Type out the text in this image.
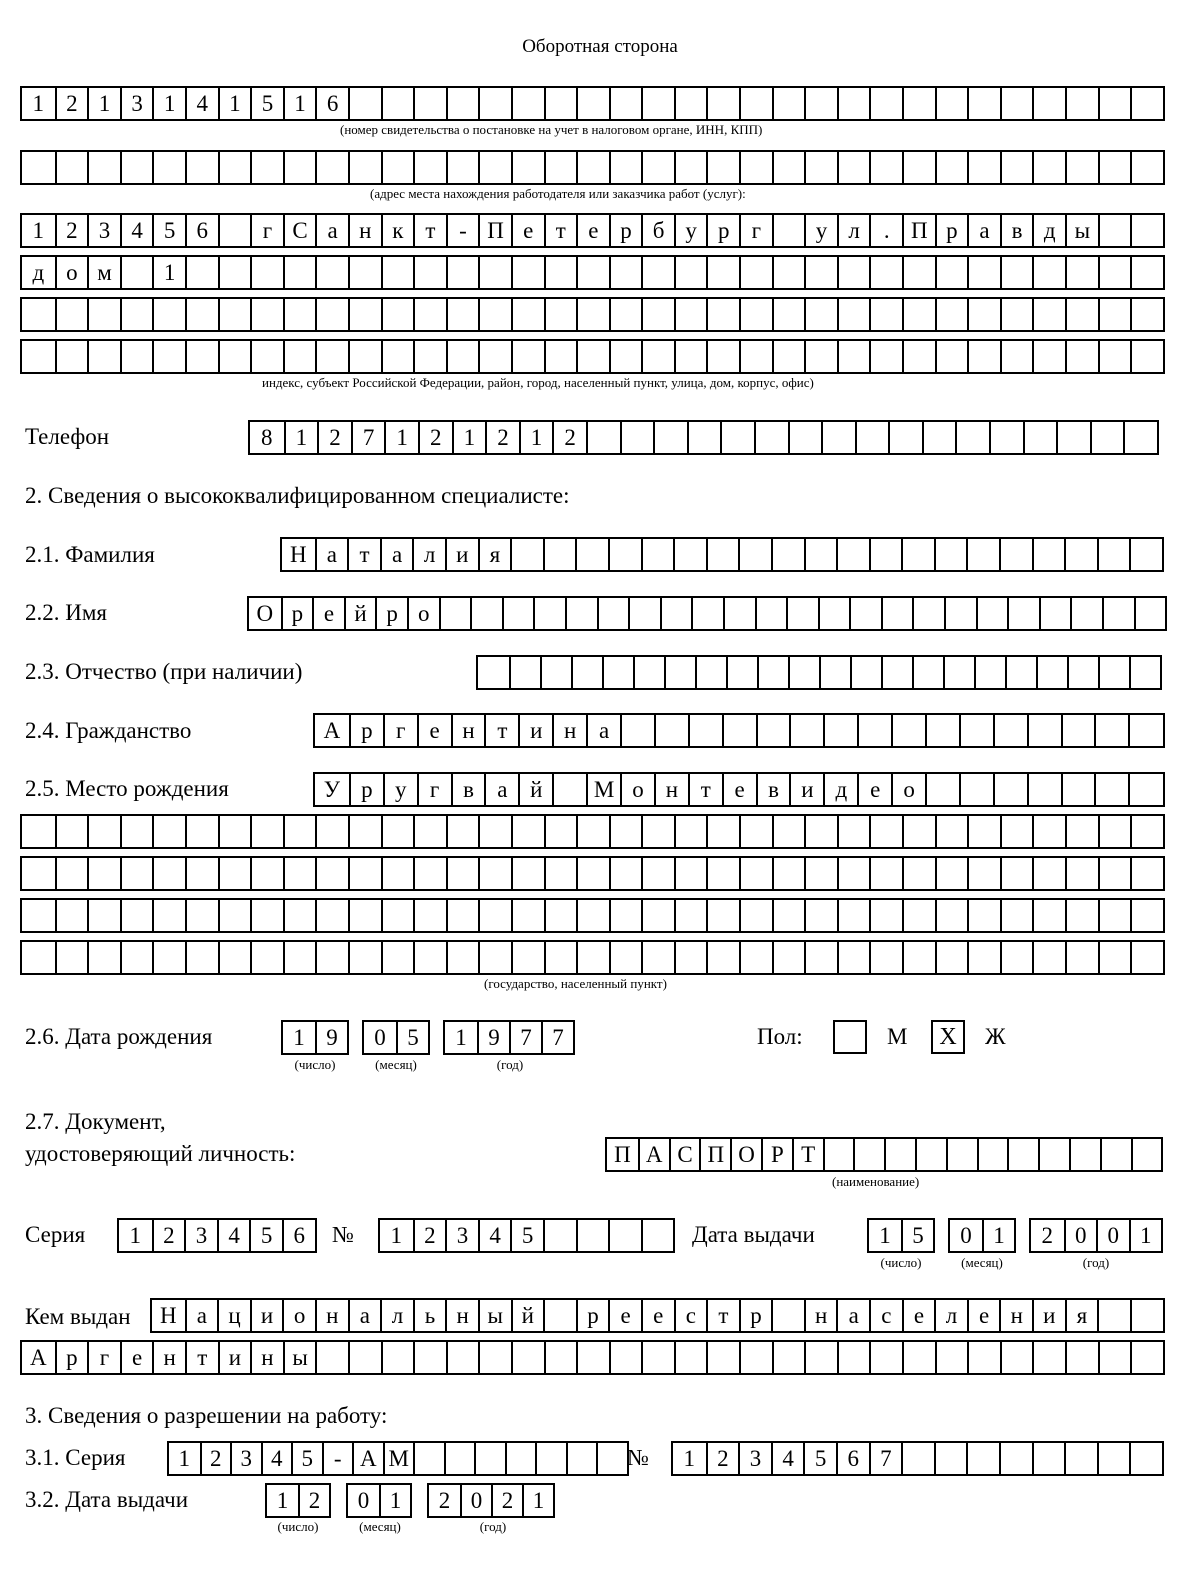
Оборотная сторона
1 2 1 3 1 4 1 5 1 6
(номер свидетельства о постановке на учет в налоговом органе, ИНН, КПП)
(адрес места нахождения работодателя или заказчика работ (услуг):
1 2 3 4 5 6	г С а н к т	- П е т е р б у р г	у л	. П р а в д ы
д о м	1
индекс, субъект Российской Федерации, район, город, населенный пункт, улица, дом, корпус, офис)
Телефон	8	1 2 7 1 2 1 2 1 2
2. Сведения о высококвалифицированном специалисте:
2.1. Фамилия	Н а т а л и я
2.2. Имя	О р е й р о
2.3. Отчество (при наличии)
2.4. Гражданство	А р	г	е н т и н а
2.5. Место рождения	У р у	г	в	а й	М о н т	е	в и д е	о
(государство, населенный пункт)
2.6. Дата рождения	1 9	0 5	1 9 7 7
(число)	(месяц)	(год)
Пол:	М	X	Ж
2.7. Документ,
удостоверяющий личность:	П А С П О Р Т
(наименование)
Серия	1 2 3 4 5 6	№	1 2 3 4 5	Дата выдачи	1 5	0 1	2 0 0 1
(число)	(месяц)	(год)
Кем выдан	Н а ц и о н а л ь н ы й	р е е с т р	н а с е л е н и я
А р г е н т и н ы
3. Сведения о разрешении на работу:
3.1. Серия	1 2 3 4 5 - А М	№	1 2 3 4 5 6 7
3.2. Дата выдачи	1 2	0 1	2 0 2 1
(число)	(месяц)	(год)
